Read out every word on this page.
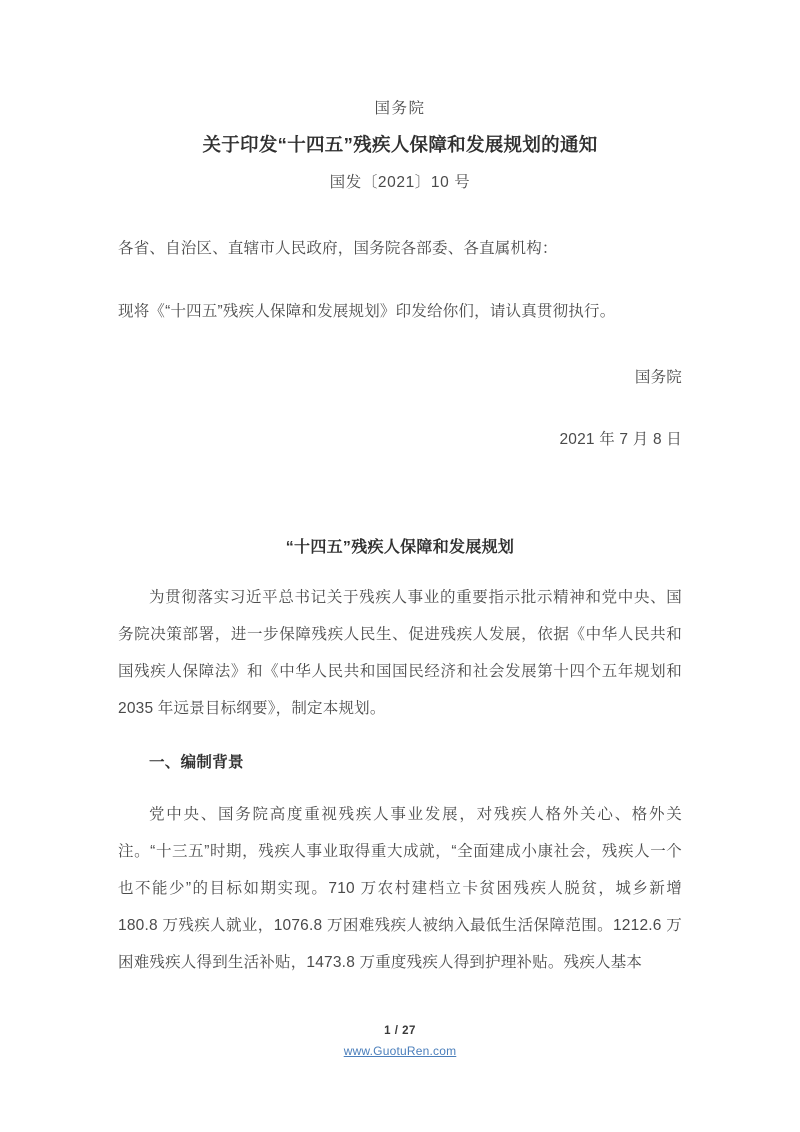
国务院
关于印发“十四五”残疾人保障和发展规划的通知
国发〔2021〕10 号
各省、自治区、直辖市人民政府，国务院各部委、各直属机构：
现将《“十四五”残疾人保障和发展规划》印发给你们，请认真贯彻执行。
国务院
2021 年 7 月 8 日
“十四五”残疾人保障和发展规划
为贯彻落实习近平总书记关于残疾人事业的重要指示批示精神和党中央、国务院决策部署，进一步保障残疾人民生、促进残疾人发展，依据《中华人民共和国残疾人保障法》和《中华人民共和国国民经济和社会发展第十四个五年规划和 2035 年远景目标纲要》，制定本规划。
一、编制背景
党中央、国务院高度重视残疾人事业发展，对残疾人格外关心、格外关注。“十三五”时期，残疾人事业取得重大成就，“全面建成小康社会，残疾人一个也不能少”的目标如期实现。710 万农村建档立卡贫困残疾人脱贫，城乡新增 180.8 万残疾人就业，1076.8 万困难残疾人被纳入最低生活保障范围。1212.6 万困难残疾人得到生活补贴，1473.8 万重度残疾人得到护理补贴。残疾人基本
1 / 27
www.GuotuRen.com
